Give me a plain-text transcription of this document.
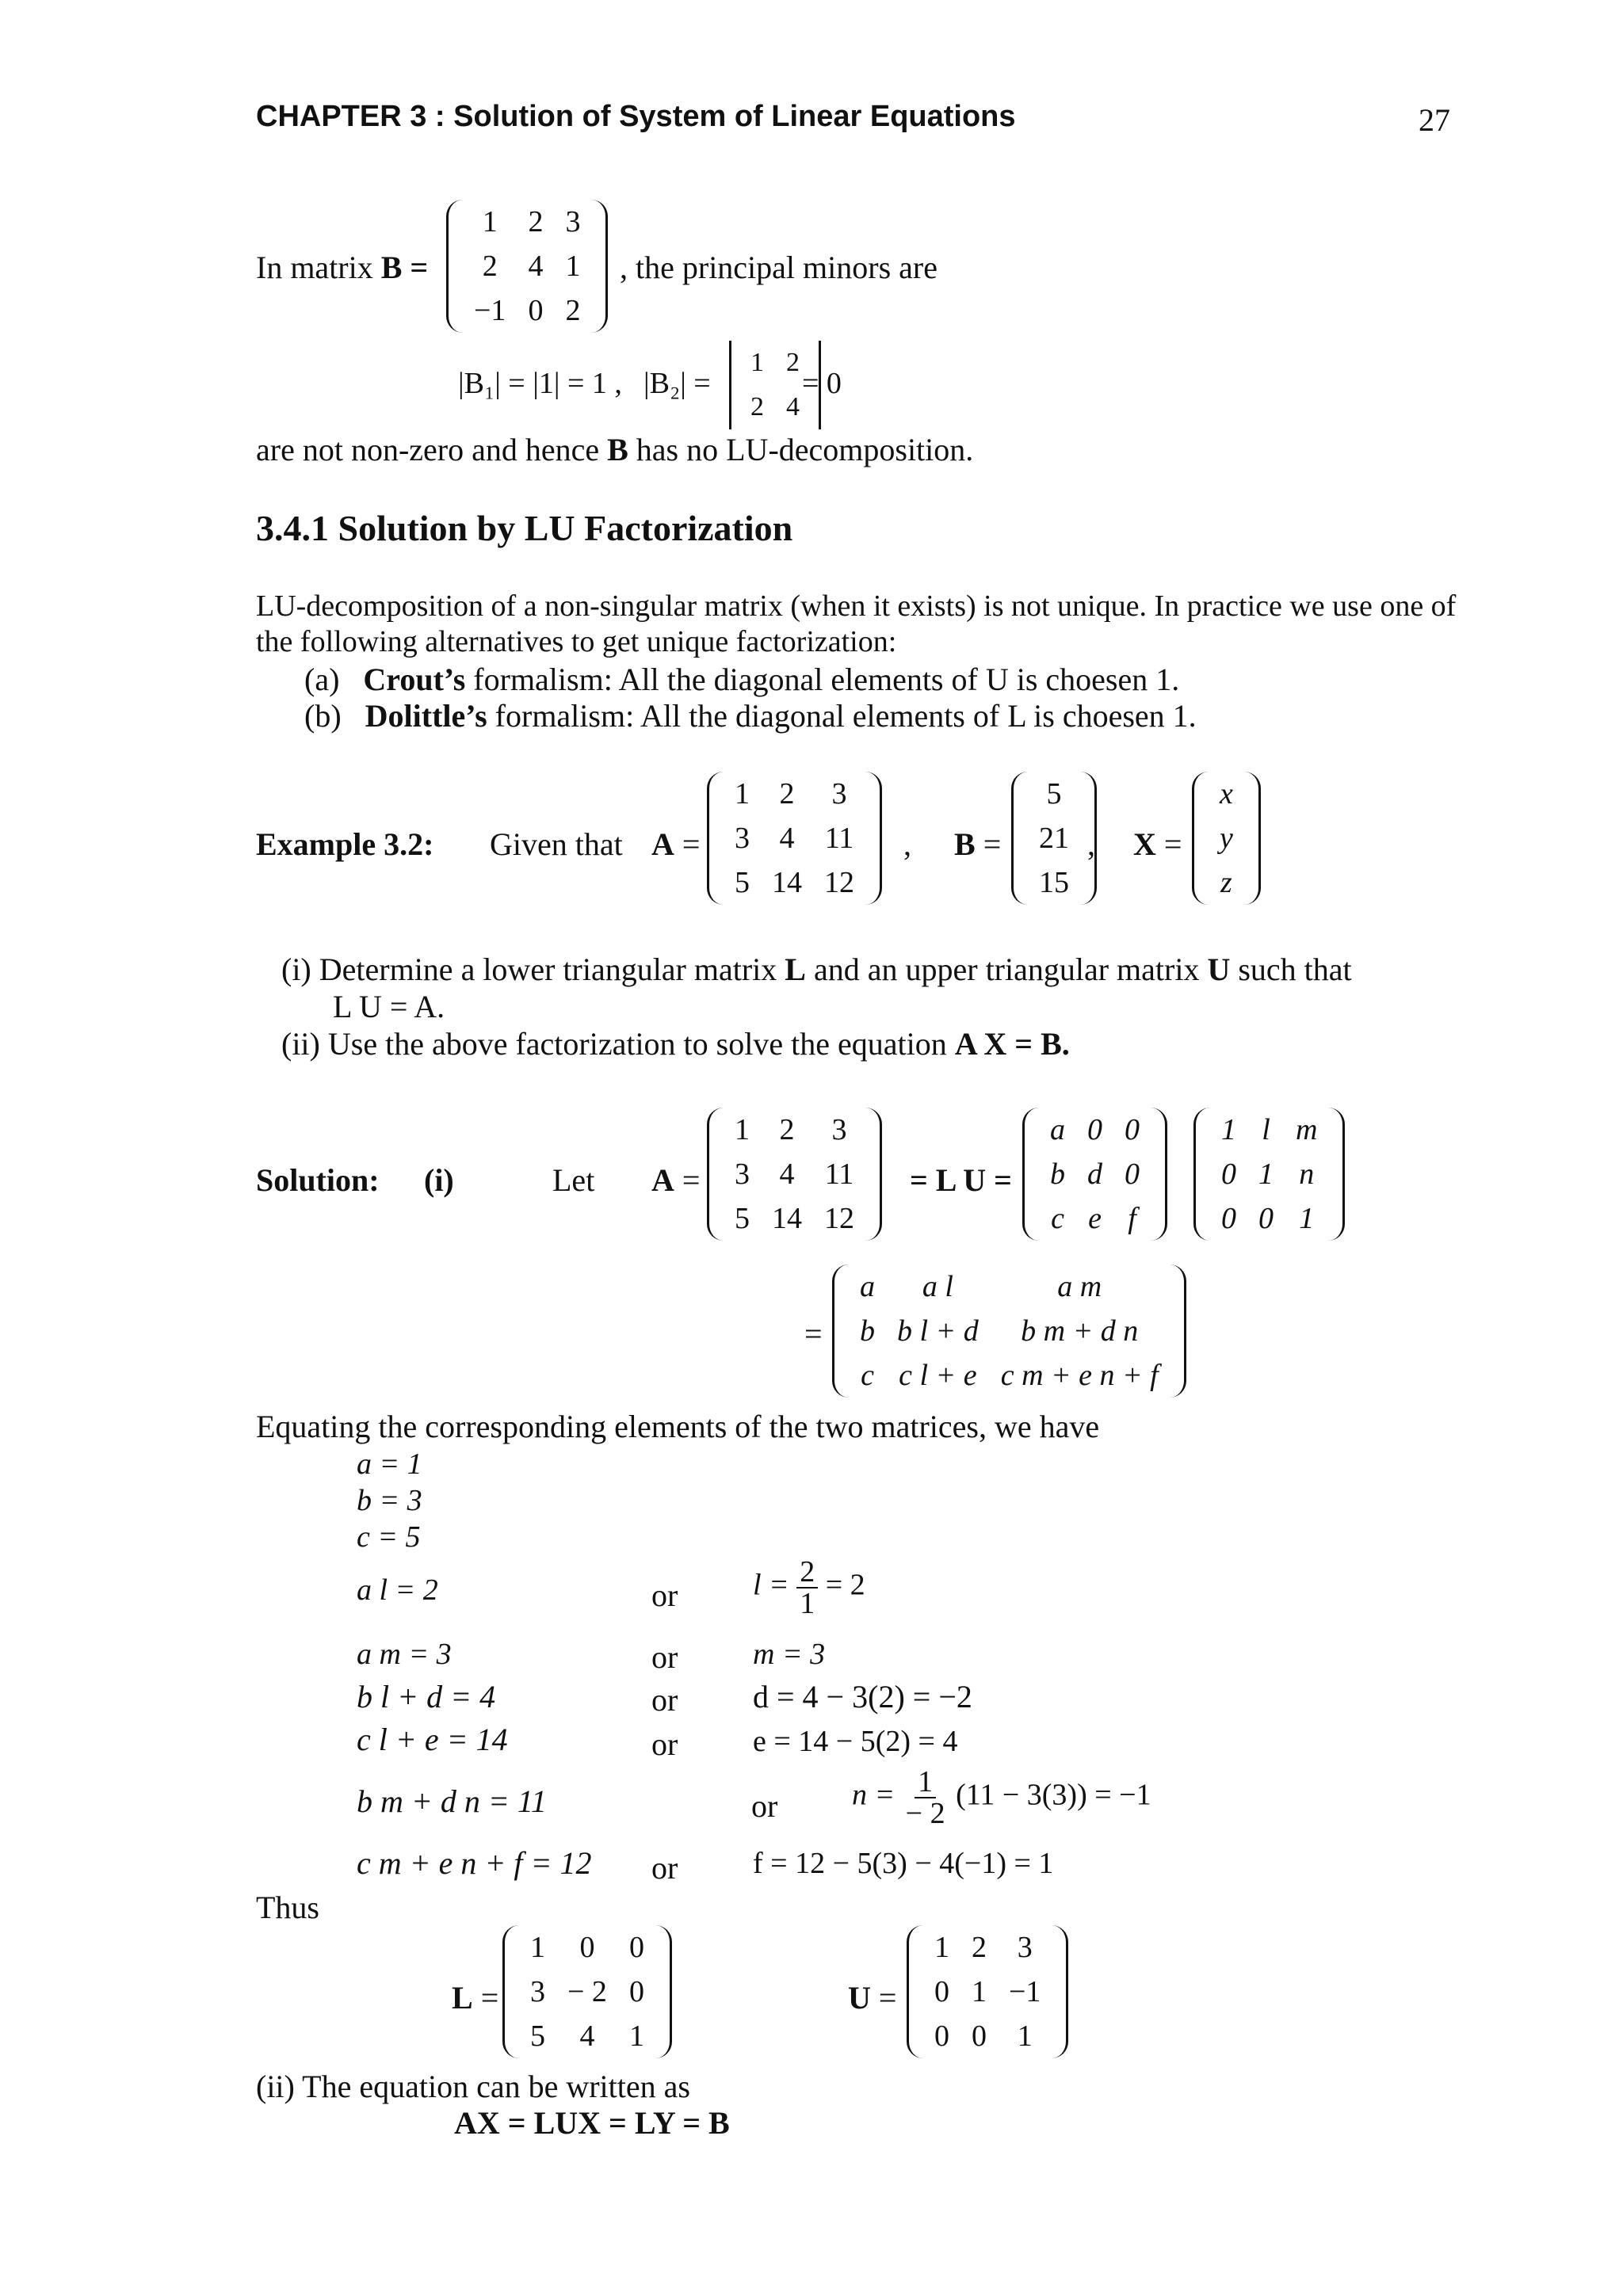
CHAPTER 3 : Solution of System of Linear Equations	27
In matrix B =
1	2	3
2	4	1
−1	0	2
, the principal minors are
|B₁| = |1| = 1 , |B₂| =
1	2
2	4
= 0
are not non-zero and hence B has no LU-decomposition.
3.4.1 Solution by LU Factorization
LU-decomposition of a non-singular matrix (when it exists) is not unique. In practice we use one of
the following alternatives to get unique factorization:
(a) Crout’s formalism: All the diagonal elements of U is choesen 1.
(b) Dolittle’s formalism: All the diagonal elements of L is choesen 1.
Example 3.2: Given that A =
1	2	3
3	4	11
5	14	12
, B =
5
21
15
, X =
x
y
z
(i) Determine a lower triangular matrix L and an upper triangular matrix U such that
L U = A.
(ii) Use the above factorization to solve the equation A X = B.
Solution: (i)	Let A =
1	2	3
3	4	11
5	14	12
= L U =
a	0	0
b	d	0
c	e	f
1	l	m
0	1	n
0	0	1
=
a	a l	a m
b	b l + d	b m + d n
c	c l + e	c m + e n + f
Equating the corresponding elements of the two matrices, we have
a = 1
b = 3
c = 5
a l = 2	or $l = \frac{2}{1} = 2$
a m = 3	or m = 3
b l + d = 4	or d = 4 − 3(2) = −2
c l + e = 14	or e = 14 − 5(2) = 4
b m + d n = 11	or $n = \frac{1}{- 2} (11 - 3(3)) = -1$
c m + e n + f = 12 or f = 12 − 5(3) − 4(−1) = 1
Thus
L =
1	0	0
3	− 2	0
5	4	1
U =
1	2	3
0	1	−1
0	0	1
(ii) The equation can be written as
AX = LUX = LY = B
